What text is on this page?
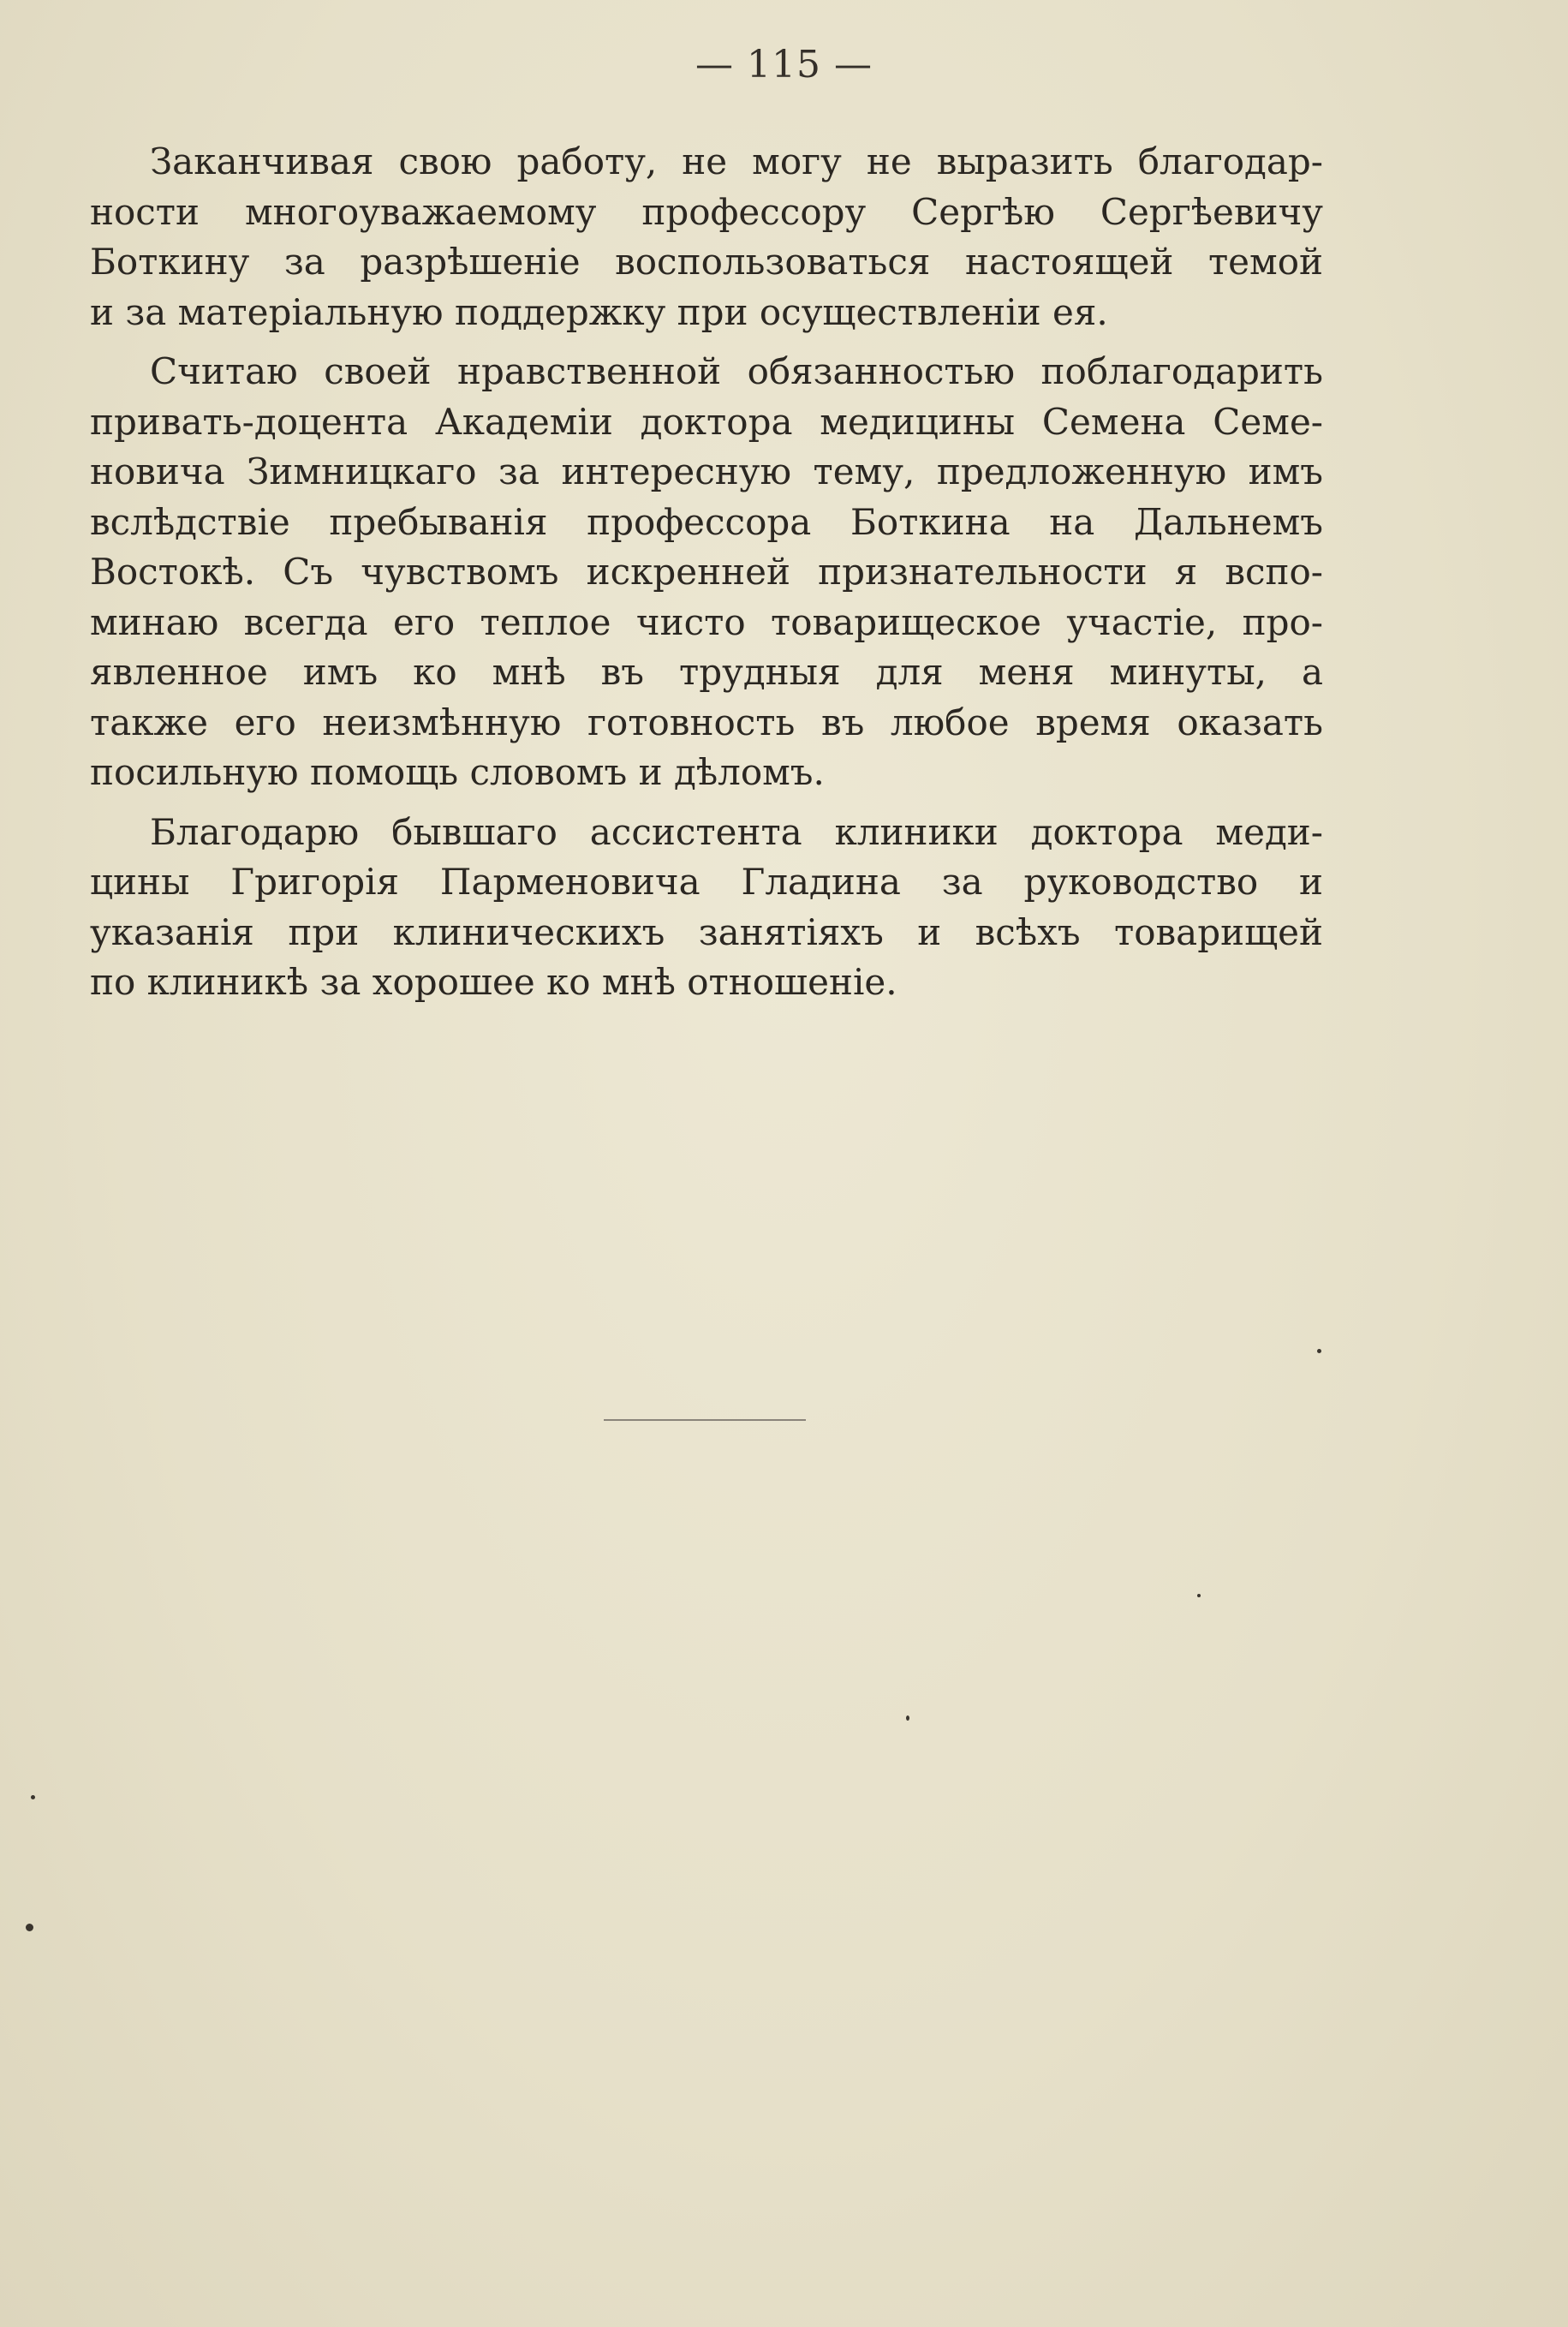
— 115 —

Заканчивая свою работу, не могу не выразить благодар-
ности многоуважаемому профессору Сергѣю Сергѣевичу
Боткину за разрѣшеніе воспользоваться настоящей темой
и за матеріальную поддержку при осуществленіи ея.

Считаю своей нравственной обязанностью поблагодарить
привать-доцента Академіи доктора медицины Семена Семе-
новича Зимницкаго за интересную тему, предложенную имъ
вслѣдствіе пребыванія профессора Боткина на Дальнемъ
Востокѣ. Съ чувствомъ искренней признательности я вспо-
минаю всегда его теплое чисто товарищеское участіе, про-
явленное имъ ко мнѣ въ трудныя для меня минуты, а
также его неизмѣнную готовность въ любое время оказать
посильную помощь словомъ и дѣломъ.

Благодарю бывшаго ассистента клиники доктора меди-
цины Григорія Парменовича Гладина за руководство и
указанія при клиническихъ занятіяхъ и всѣхъ товарищей
по клиникѣ за хорошее ко мнѣ отношеніе.
